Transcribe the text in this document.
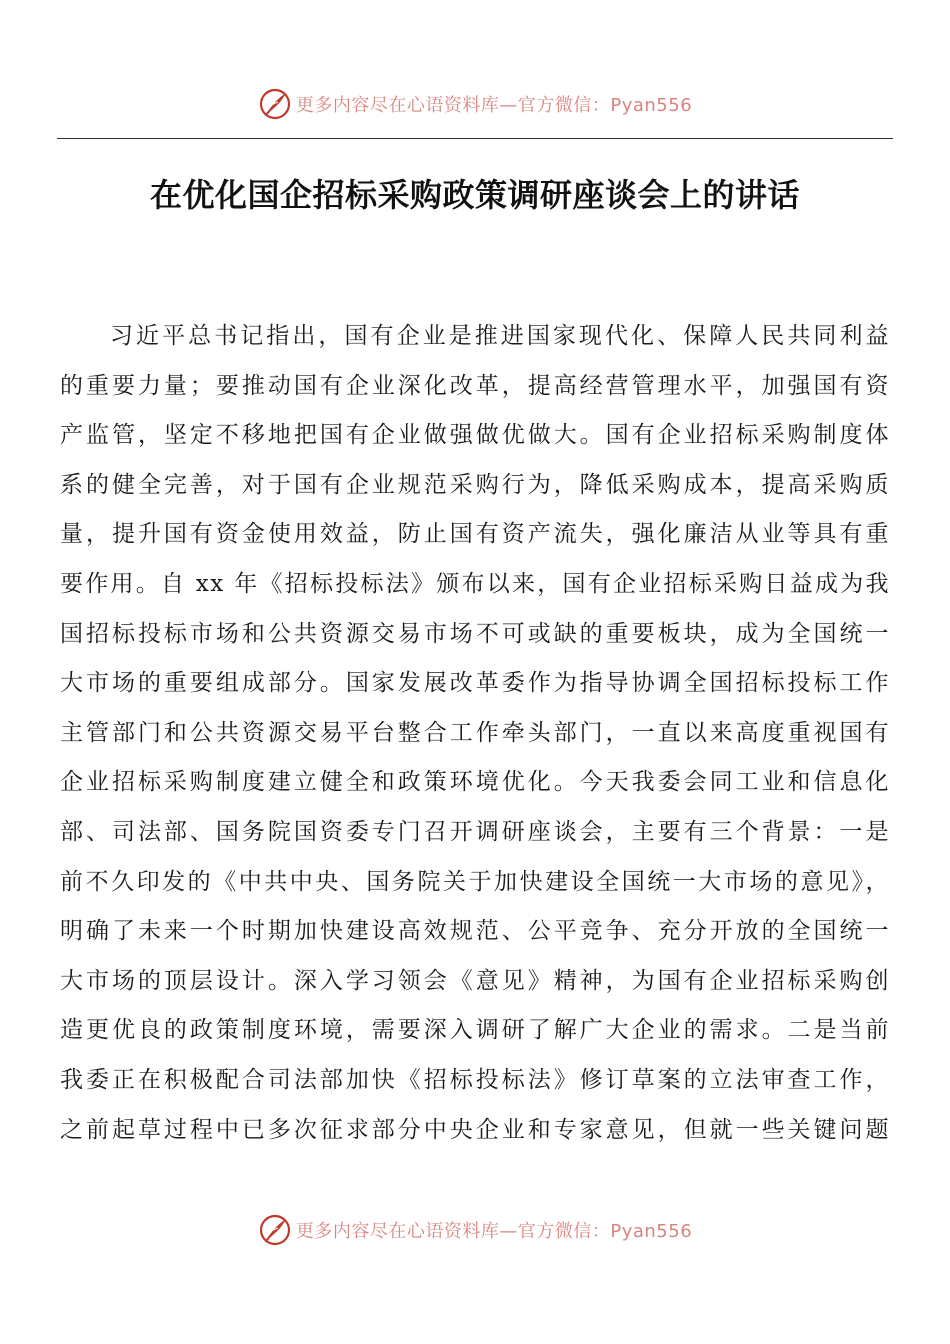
更多内容尽在心语资料库—官方微信：Pyan556
在优化国企招标采购政策调研座谈会上的讲话
习近平总书记指出，国有企业是推进国家现代化、保障人民共同利益
的重要力量；要推动国有企业深化改革，提高经营管理水平，加强国有资
产监管，坚定不移地把国有企业做强做优做大。国有企业招标采购制度体
系的健全完善，对于国有企业规范采购行为，降低采购成本，提高采购质
量，提升国有资金使用效益，防止国有资产流失，强化廉洁从业等具有重
要作用。自 xx 年《招标投标法》颁布以来，国有企业招标采购日益成为我
国招标投标市场和公共资源交易市场不可或缺的重要板块，成为全国统一
大市场的重要组成部分。国家发展改革委作为指导协调全国招标投标工作
主管部门和公共资源交易平台整合工作牵头部门，一直以来高度重视国有
企业招标采购制度建立健全和政策环境优化。今天我委会同工业和信息化
部、司法部、国务院国资委专门召开调研座谈会，主要有三个背景：一是
前不久印发的《中共中央、国务院关于加快建设全国统一大市场的意见》，
明确了未来一个时期加快建设高效规范、公平竞争、充分开放的全国统一
大市场的顶层设计。深入学习领会《意见》精神，为国有企业招标采购创
造更优良的政策制度环境，需要深入调研了解广大企业的需求。二是当前
我委正在积极配合司法部加快《招标投标法》修订草案的立法审查工作，
之前起草过程中已多次征求部分中央企业和专家意见，但就一些关键问题
更多内容尽在心语资料库—官方微信：Pyan556
